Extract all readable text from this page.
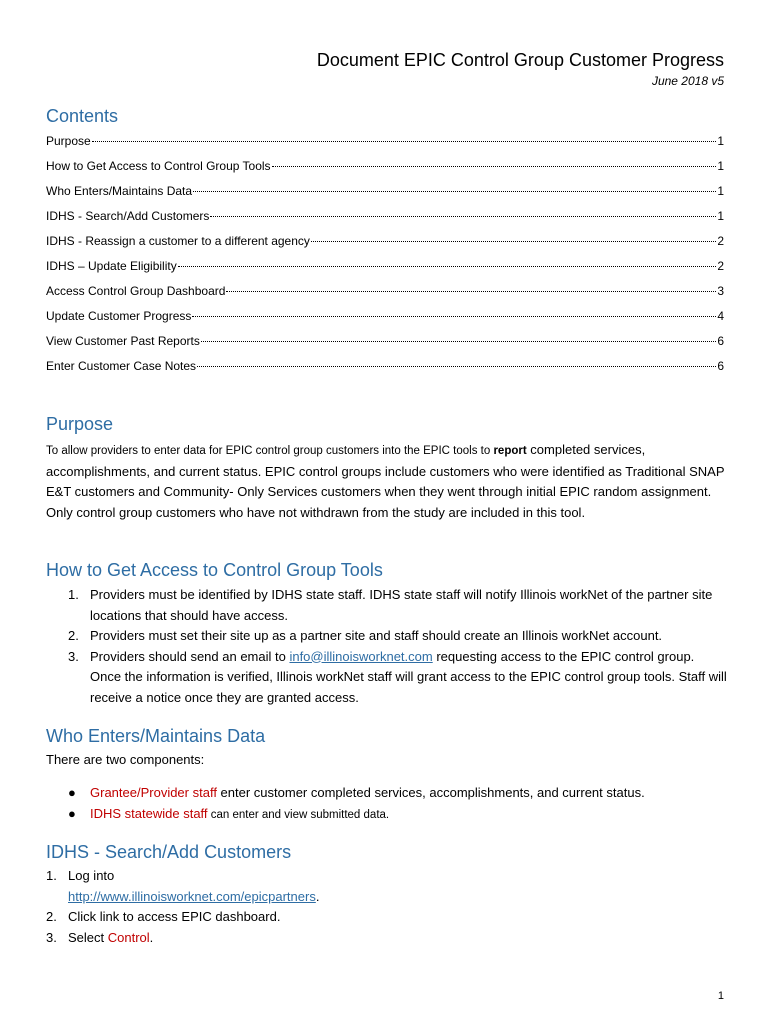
Document EPIC Control Group Customer Progress
June 2018 v5
Contents
Purpose	1
How to Get Access to Control Group Tools	1
Who Enters/Maintains Data	1
IDHS - Search/Add Customers	1
IDHS - Reassign a customer to a different agency	2
IDHS – Update Eligibility	2
Access Control Group Dashboard	3
Update Customer Progress	4
View Customer Past Reports	6
Enter Customer Case Notes	6
Purpose

To allow providers to enter data for EPIC control group customers into the EPIC tools to report completed services, accomplishments, and current status. EPIC control groups include customers who were identified as Traditional SNAP E&T customers and Community- Only Services customers when they went through initial EPIC random assignment. Only control group customers who have not withdrawn from the study are included in this tool.

How to Get Access to Control Group Tools
1. Providers must be identified by IDHS state staff. IDHS state staff will notify Illinois workNet of the partner site locations that should have access.
2. Providers must set their site up as a partner site and staff should create an Illinois workNet account.
3. Providers should send an email to info@illinoisworknet.com requesting access to the EPIC control group. Once the information is verified, Illinois workNet staff will grant access to the EPIC control group tools. Staff will receive a notice once they are granted access.
Who Enters/Maintains Data

There are two components:

● Grantee/Provider staff enter customer completed services, accomplishments, and current status.
● IDHS statewide staff can enter and view submitted data.
IDHS - Search/Add Customers
1. Log into
http://www.illinoisworknet.com/epicpartners.
2. Click link to access EPIC dashboard.
3. Select Control.
1
